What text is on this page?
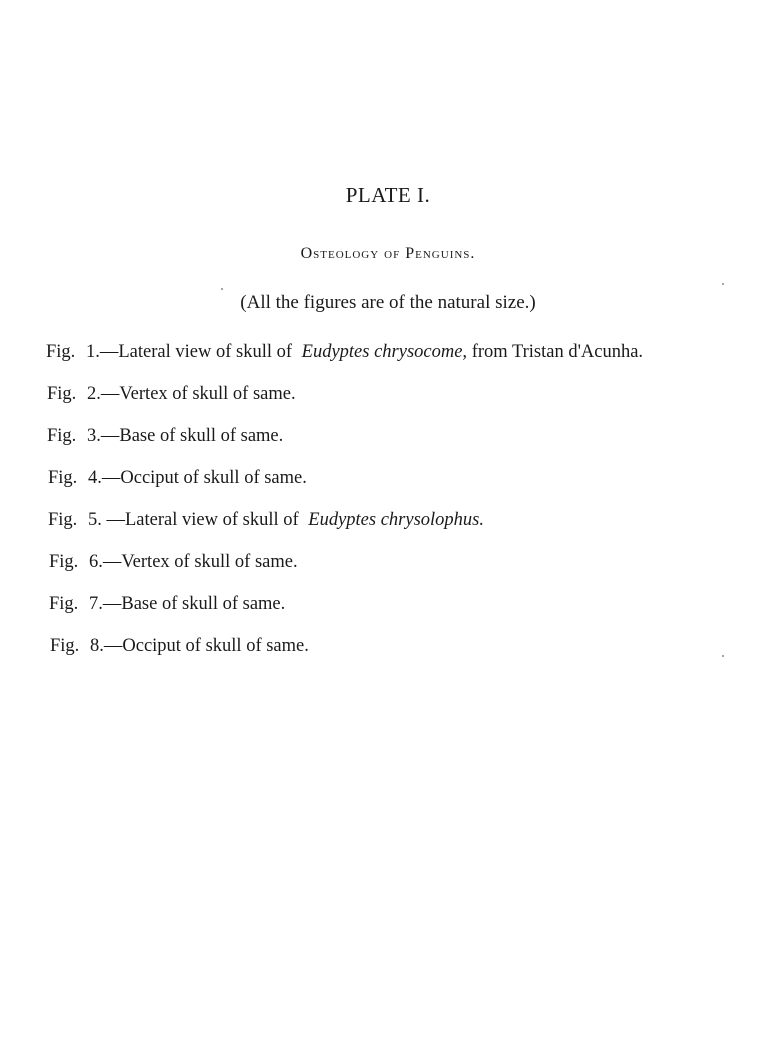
PLATE I.
Osteology of Penguins.
(All the figures are of the natural size.)
Fig. 1. —Lateral view of skull of Eudyptes chrysocome, from Tristan d'Acunha.
Fig. 2. —Vertex of skull of same.
Fig. 3. —Base of skull of same.
Fig. 4. —Occiput of skull of same.
Fig. 5. —Lateral view of skull of Eudyptes chrysolophus.
Fig. 6. —Vertex of skull of same.
Fig. 7. —Base of skull of same.
Fig. 8. —Occiput of skull of same.
